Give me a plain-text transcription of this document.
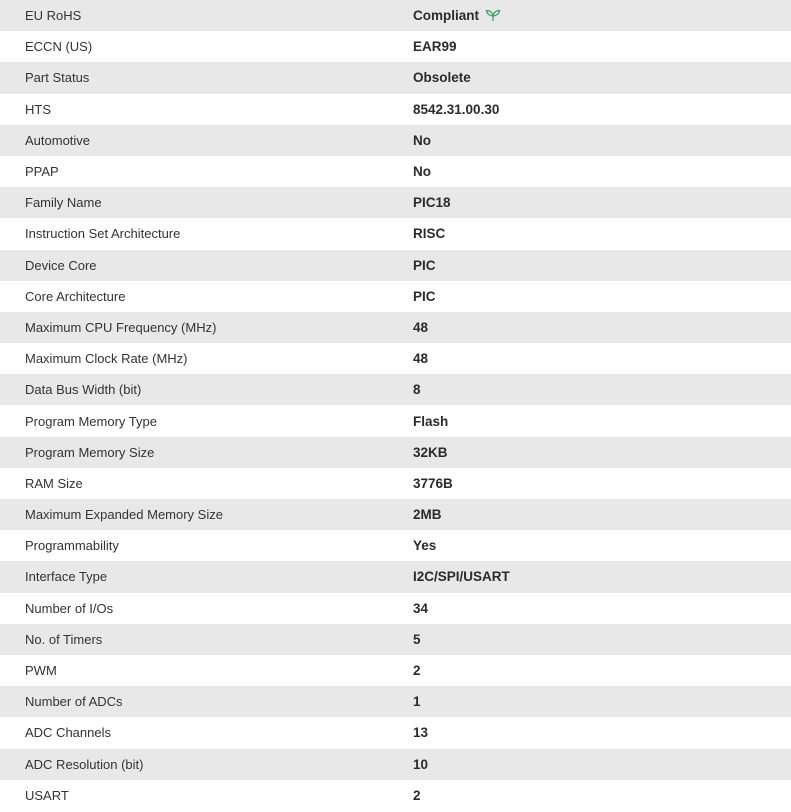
EU RoHS	Compliant
ECCN (US)	EAR99
Part Status	Obsolete
HTS	8542.31.00.30
Automotive	No
PPAP	No
Family Name	PIC18
Instruction Set Architecture	RISC
Device Core	PIC
Core Architecture	PIC
Maximum CPU Frequency (MHz)	48
Maximum Clock Rate (MHz)	48
Data Bus Width (bit)	8
Program Memory Type	Flash
Program Memory Size	32KB
RAM Size	3776B
Maximum Expanded Memory Size	2MB
Programmability	Yes
Interface Type	I2C/SPI/USART
Number of I/Os	34
No. of Timers	5
PWM	2
Number of ADCs	1
ADC Channels	13
ADC Resolution (bit)	10
USART	2
